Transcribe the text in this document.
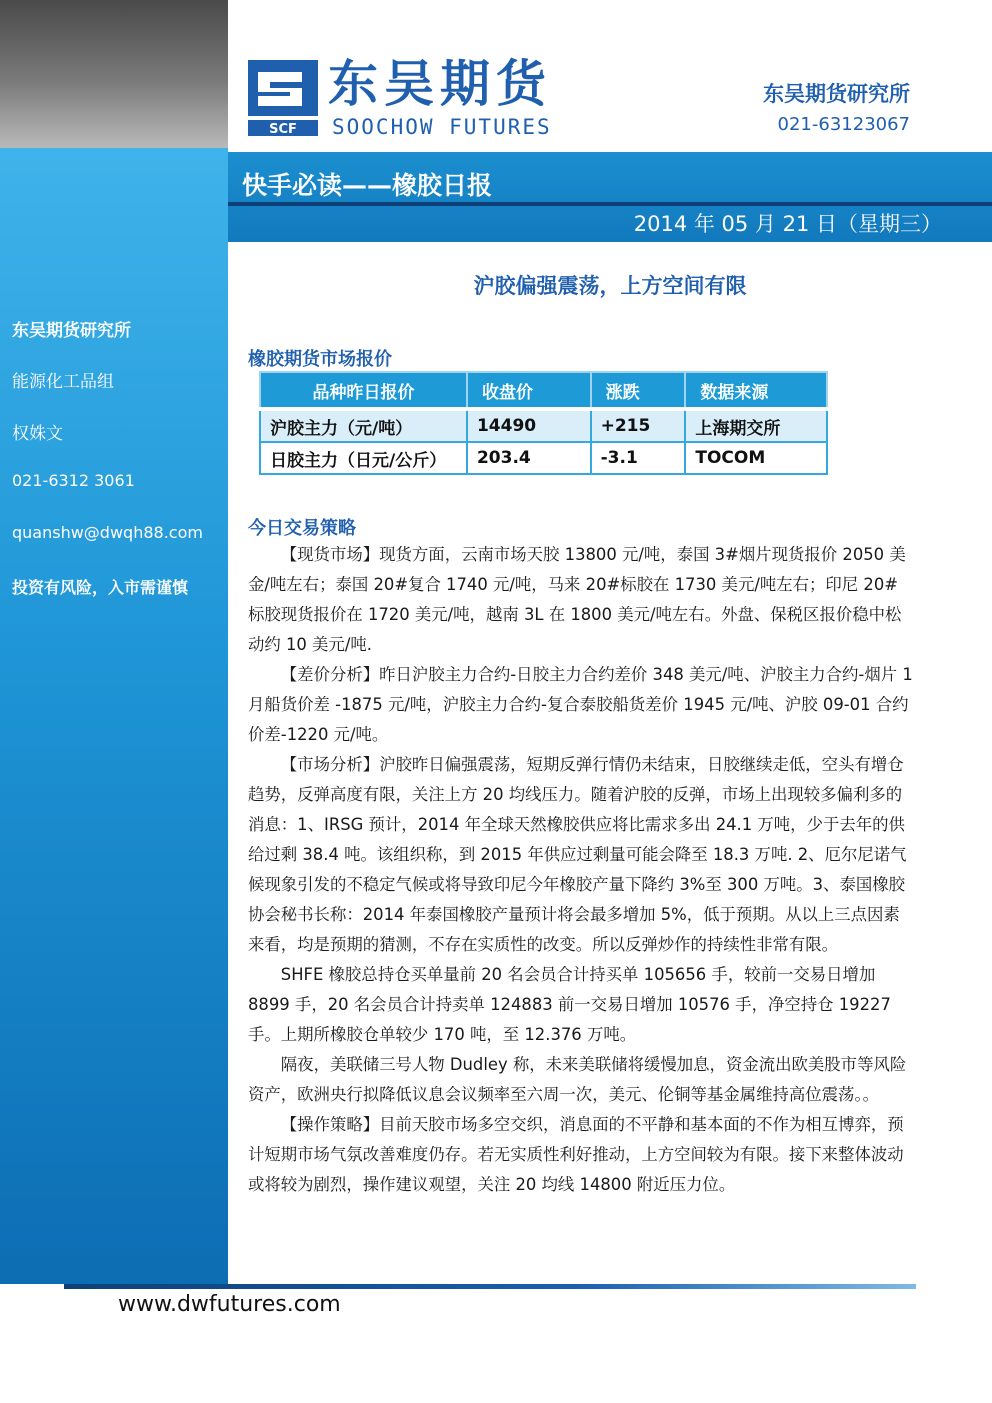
东吴期货研究所
能源化工品组
权姝文
021-6312 3061
quanshw@dwqh88.com
投资有风险，入市需谨慎
SCF
东吴期货
SOOCHOW FUTURES
东吴期货研究所
021-63123067
快手必读——橡胶日报
2014 年 05 月 21 日（星期三）
沪胶偏强震荡，上方空间有限
橡胶期货市场报价
品种昨日报价	收盘价	涨跌	数据来源
沪胶主力（元/吨）	14490	+215	上海期交所
日胶主力（日元/公斤）	203.4	-3.1	TOCOM
今日交易策略

【现货市场】现货方面，云南市场天胶 13800 元/吨，泰国 3#烟片现货报价 2050 美金/吨左右；泰国 20#复合 1740 元/吨，马来 20#标胶在 1730 美元/吨左右；印尼 20#标胶现货报价在 1720 美元/吨，越南 3L 在 1800 美元/吨左右。外盘、保税区报价稳中松动约 10 美元/吨.

【差价分析】昨日沪胶主力合约-日胶主力合约差价 348 美元/吨、沪胶主力合约-烟片 1 月船货价差 -1875 元/吨，沪胶主力合约-复合泰胶船货差价 1945 元/吨、沪胶 09-01 合约价差-1220 元/吨。

【市场分析】沪胶昨日偏强震荡，短期反弹行情仍未结束，日胶继续走低，空头有增仓趋势，反弹高度有限，关注上方 20 均线压力。随着沪胶的反弹，市场上出现较多偏利多的消息：1、IRSG 预计，2014 年全球天然橡胶供应将比需求多出 24.1 万吨，少于去年的供给过剩 38.4 吨。该组织称，到 2015 年供应过剩量可能会降至 18.3 万吨. 2、厄尔尼诺气候现象引发的不稳定气候或将导致印尼今年橡胶产量下降约 3%至 300 万吨。3、泰国橡胶协会秘书长称：2014 年泰国橡胶产量预计将会最多增加 5%，低于预期。从以上三点因素来看，均是预期的猜测，不存在实质性的改变。所以反弹炒作的持续性非常有限。

SHFE 橡胶总持仓买单量前 20 名会员合计持买单 105656 手，较前一交易日增加 8899 手，20 名会员合计持卖单 124883 前一交易日增加 10576 手，净空持仓 19227 手。上期所橡胶仓单较少 170 吨，至 12.376 万吨。

隔夜，美联储三号人物 Dudley 称，未来美联储将缓慢加息，资金流出欧美股市等风险资产，欧洲央行拟降低议息会议频率至六周一次，美元、伦铜等基金属维持高位震荡。。

【操作策略】目前天胶市场多空交织，消息面的不平静和基本面的不作为相互博弈，预计短期市场气氛改善难度仍存。若无实质性利好推动，上方空间较为有限。接下来整体波动或将较为剧烈，操作建议观望，关注 20 均线 14800 附近压力位。

www.dwfutures.com
